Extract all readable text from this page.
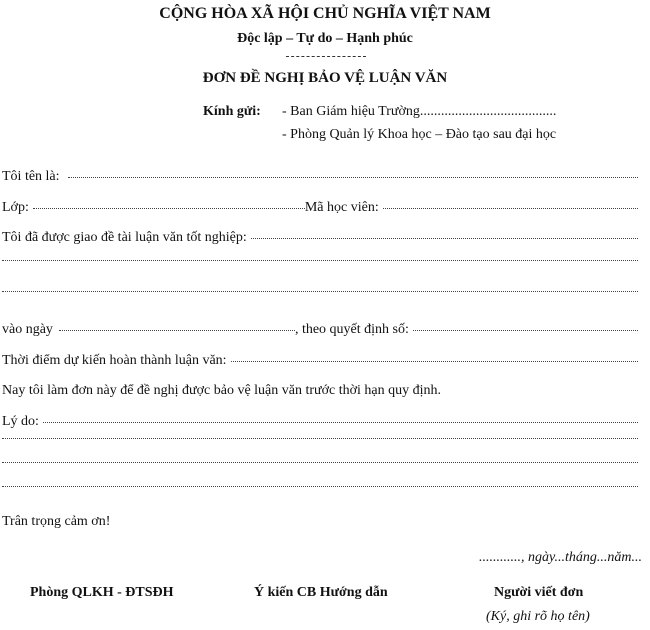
CỘNG HÒA XÃ HỘI CHỦ NGHĨA VIỆT NAM
Độc lập – Tự do – Hạnh phúc
ĐƠN ĐỀ NGHỊ BẢO VỆ LUẬN VĂN
Kính gửi: - Ban Giám hiệu Trường.......................................
- Phòng Quản lý Khoa học – Đào tạo sau đại học
Tôi tên là:
Lớp:	Mã học viên:
Tôi đã được giao đề tài luận văn tốt nghiệp:
vào ngày	, theo quyết định số:
Thời điểm dự kiến hoàn thành luận văn:
Nay tôi làm đơn này để đề nghị được bảo vệ luận văn trước thời hạn quy định.
Lý do:
Trân trọng cảm ơn!
............, ngày...tháng...năm...
Phòng QLKH - ĐTSĐH	Ý kiến CB Hướng dẫn	Người viết đơn
(Ký, ghi rõ họ tên)
